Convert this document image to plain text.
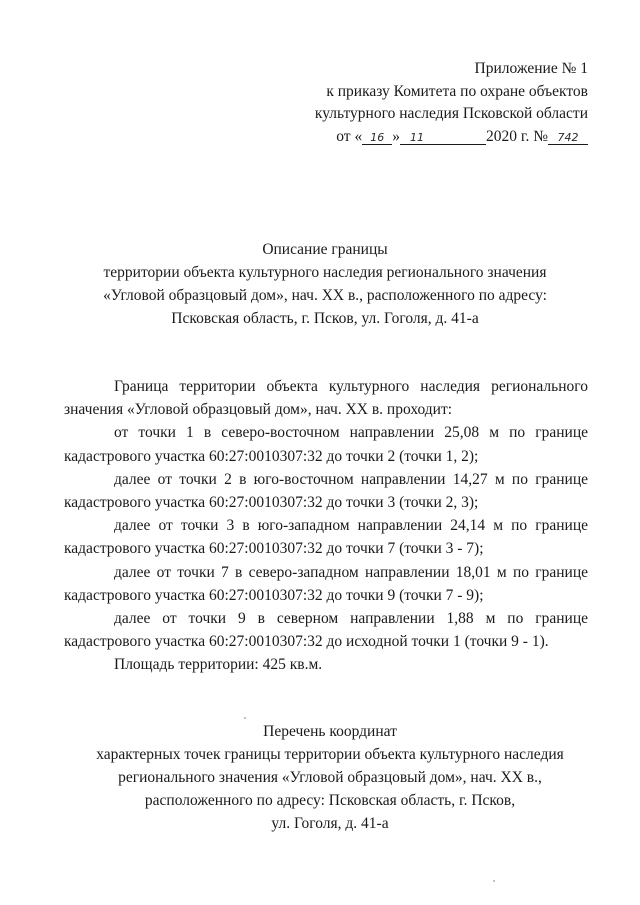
Приложение № 1
к приказу Комитета по охране объектов
культурного наследия Псковской области
от « 16 » 11	2020 г. № 742
Описание границы
территории объекта культурного наследия регионального значения
«Угловой образцовый дом», нач. XX в., расположенного по адресу:
Псковская область, г. Псков, ул. Гоголя, д. 41-а

Граница территории объекта культурного наследия регионального значения «Угловой образцовый дом», нач. XX в. проходит:

от точки 1 в северо-восточном направлении 25,08 м по границе кадастрового участка 60:27:0010307:32 до точки 2 (точки 1, 2);

далее от точки 2 в юго-восточном направлении 14,27 м по границе кадастрового участка 60:27:0010307:32 до точки 3 (точки 2, 3);

далее от точки 3 в юго-западном направлении 24,14 м по границе кадастрового участка 60:27:0010307:32 до точки 7 (точки 3 - 7);

далее от точки 7 в северо-западном направлении 18,01 м по границе кадастрового участка 60:27:0010307:32 до точки 9 (точки 7 - 9);

далее от точки 9 в северном направлении 1,88 м по границе кадастрового участка 60:27:0010307:32 до исходной точки 1 (точки 9 - 1).

Площадь территории: 425 кв.м.

Перечень координат
характерных точек границы территории объекта культурного наследия
регионального значения «Угловой образцовый дом», нач. XX в.,
расположенного по адресу: Псковская область, г. Псков,
ул. Гоголя, д. 41-а
